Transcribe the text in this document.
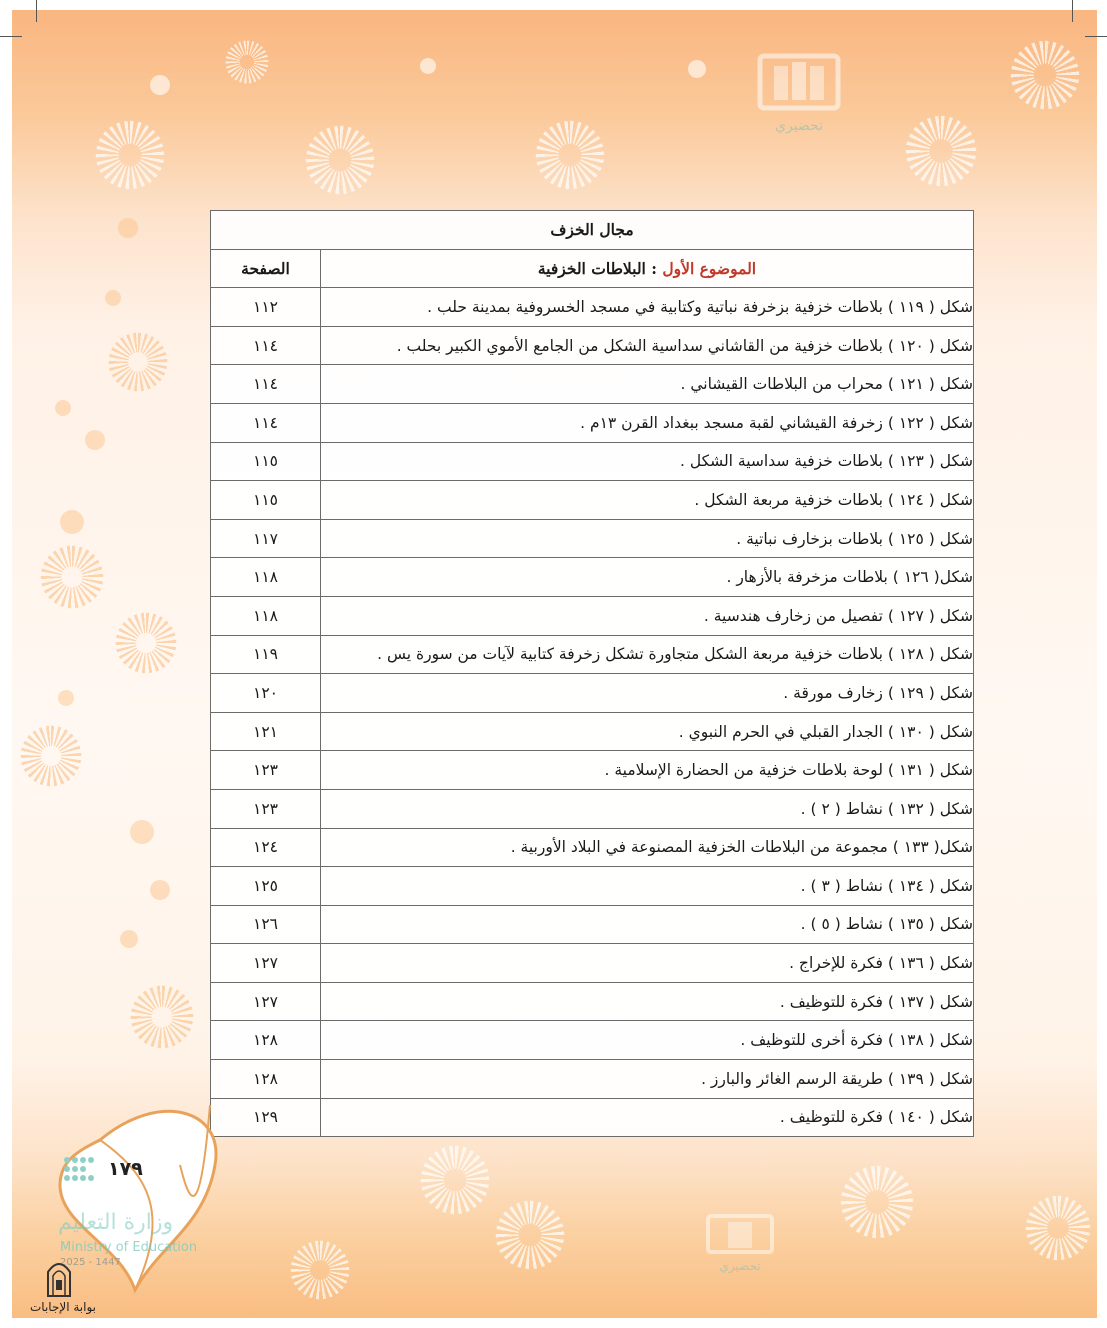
تحضيري
تحضيري
مجال الخزف	
الموضوع الأول : البلاطات الخزفية	الصفحة
شكل ( ١١٩ ) بلاطات خزفية بزخرفة نباتية وكتابية في مسجد الخسروفية بمدينة حلب .	١١٢
شكل ( ١٢٠ ) بلاطات خزفية من القاشاني سداسية الشكل من الجامع الأموي الكبير بحلب .	١١٤
شكل ( ١٢١ ) محراب من البلاطات القيشاني .	١١٤
شكل ( ١٢٢ ) زخرفة القيشاني لقبة مسجد ببغداد القرن ١٣م .	١١٤
شكل ( ١٢٣ ) بلاطات خزفية سداسية الشكل .	١١٥
شكل ( ١٢٤ ) بلاطات خزفية مربعة الشكل .	١١٥
شكل ( ١٢٥ ) بلاطات بزخارف نباتية .	١١٧
شكل( ١٢٦ ) بلاطات مزخرفة بالأزهار .	١١٨
شكل ( ١٢٧ ) تفصيل من زخارف هندسية .	١١٨
شكل ( ١٢٨ ) بلاطات خزفية مربعة الشكل متجاورة تشكل زخرفة كتابية لآيات من سورة يس .	١١٩
شكل ( ١٢٩ ) زخارف مورقة .	١٢٠
شكل ( ١٣٠ ) الجدار القبلي في الحرم النبوي .	١٢١
شكل ( ١٣١ ) لوحة بلاطات خزفية من الحضارة الإسلامية .	١٢٣
شكل ( ١٣٢ ) نشاط ( ٢ ) .	١٢٣
شكل( ١٣٣ ) مجموعة من البلاطات الخزفية المصنوعة في البلاد الأوربية .	١٢٤
شكل ( ١٣٤ ) نشاط ( ٣ ) .	١٢٥
شكل ( ١٣٥ ) نشاط ( ٥ ) .	١٢٦
شكل ( ١٣٦ ) فكرة للإخراج .	١٢٧
شكل ( ١٣٧ ) فكرة للتوظيف .	١٢٧
شكل ( ١٣٨ ) فكرة أخرى للتوظيف .	١٢٨
شكل ( ١٣٩ ) طريقة الرسم الغائر والبارز .	١٢٨
شكل ( ١٤٠ ) فكرة للتوظيف .	١٢٩
١٧٩
وزارة التعليم
Ministry of Education
2025 - 1447
بوابة الإجابات
